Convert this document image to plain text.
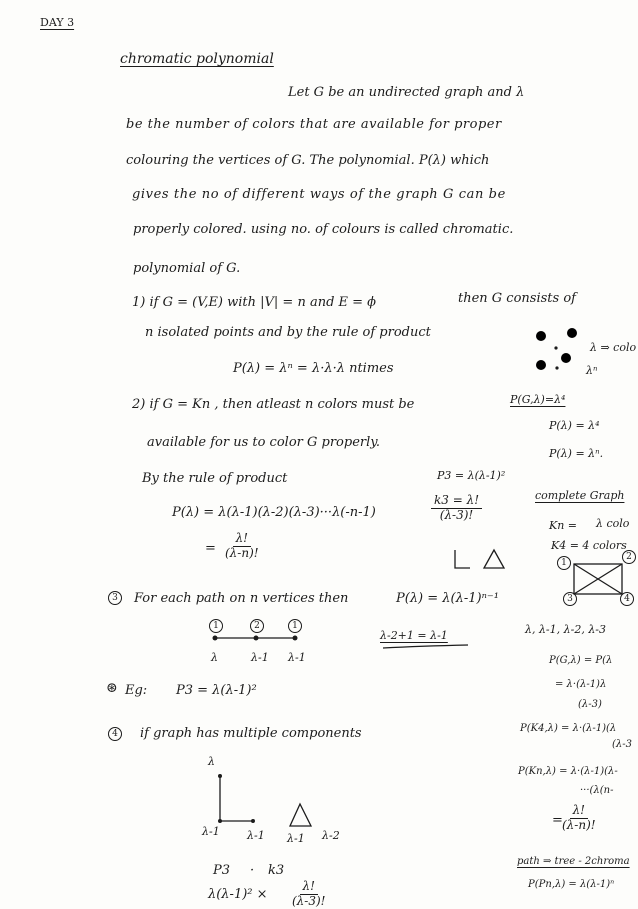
DAY 3
chromatic polynomial
Let G be an undirected graph and λ
be the number of colors that are available for proper
colouring the vertices of G. The polynomial. P(λ) which
gives the no of different ways of the graph G can be
properly colored. using no. of colours is called chromatic.
polynomial of G.
1) if G = (V,E) with |V| = n and E = ϕ	then G consists of
n isolated points and by the rule of product
P(λ) = λⁿ = λ·λ·λ ntimes
λ ⇒ colo
λⁿ
2) if G = Kn , then atleast n colors must be
available for us to color G properly.
By the rule of product	P3 = λ(λ-1)²
$\frac{k3 = \lambda!}{(\lambda-3)!}$
P(λ) = λ(λ-1)(λ-2)(λ-3)···λ(-n-1)
= $\frac{\lambda!}{(\lambda-n)!}$
P(G,λ)=λ⁴
P(λ) = λ⁴
P(λ) = λⁿ.
complete Graph
Kn = λ colo
K4 = 4 colors
1
2
3	4
λ, λ-1, λ-2, λ-3
P(G,λ) = P(λ
= λ·(λ-1)λ
(λ-3)
P(K4,λ) = λ·(λ-1)(λ
(λ-3
P(Kn,λ) = λ·(λ-1)(λ-
···(λ(n-
= $\frac{\lambda!}{(\lambda-n)!}$
path ⇒ tree - 2chroma
P(Pn,λ) = λ(λ-1)ⁿ
3	For each path on n vertices then	P(λ) = λ(λ-1)ⁿ⁻¹
1	2	1
λ	λ-1 λ-1
λ-2+1 = λ-1
⊛ Eg: P3 = λ(λ-1)²
4	if graph has multiple components
λ
λ-1 λ-1 λ-1 λ-2
P3 · k3
$\lambda(\lambda-1)^2 \times \frac{\lambda!}{(\lambda-3)!}$
